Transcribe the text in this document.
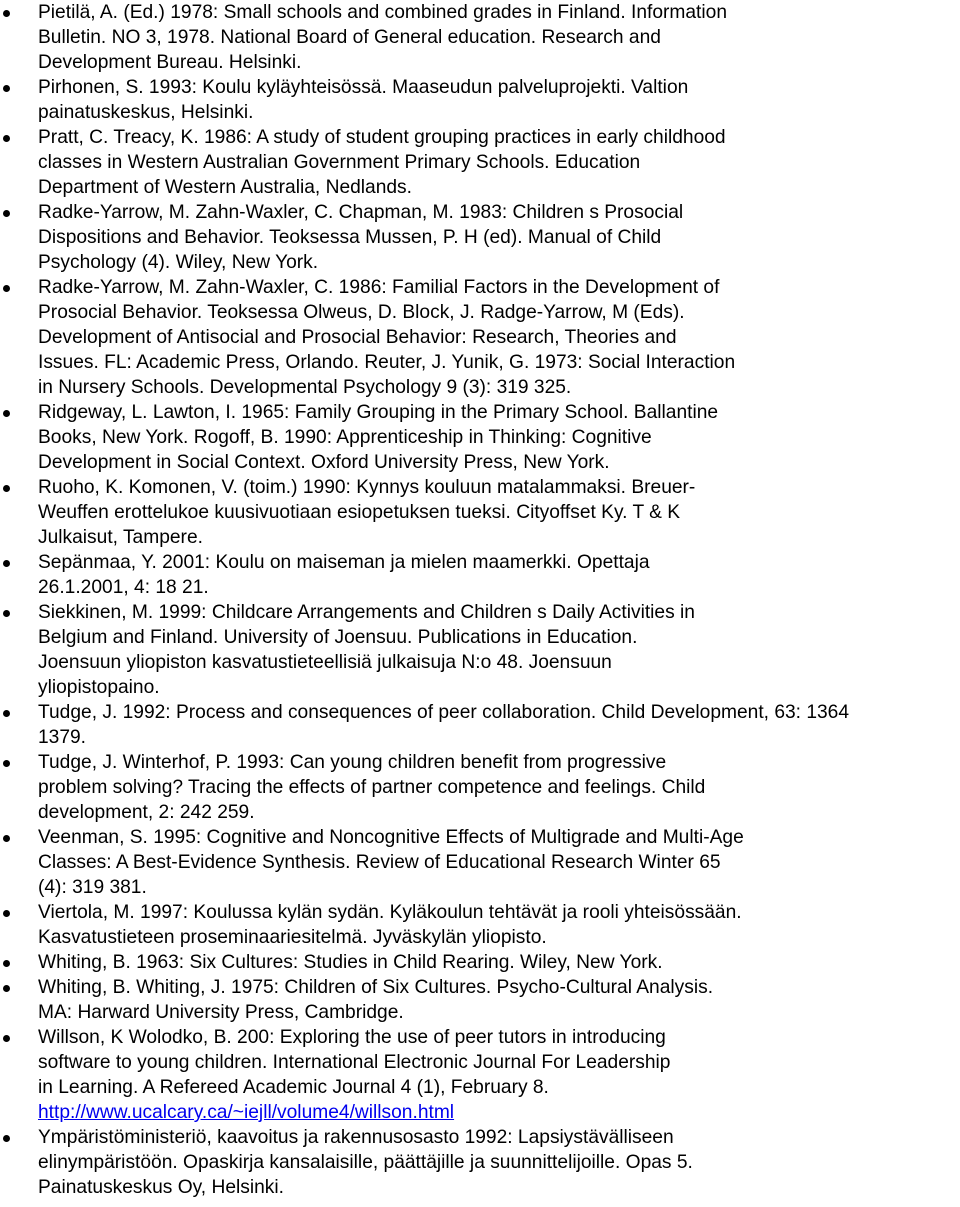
Pietilä, A. (Ed.) 1978: Small schools and combined grades in Finland. Information
Bulletin. NO 3, 1978. National Board of General education. Research and
Development Bureau. Helsinki.
Pirhonen, S. 1993: Koulu kyläyhteisössä. Maaseudun palveluprojekti. Valtion
painatuskeskus, Helsinki.
Pratt, C. Treacy, K. 1986: A study of student grouping practices in early childhood
classes in Western Australian Government Primary Schools. Education
Department of Western Australia, Nedlands.
Radke-Yarrow, M. Zahn-Waxler, C. Chapman, M. 1983: Children s Prosocial
Dispositions and Behavior. Teoksessa Mussen, P. H (ed). Manual of Child
Psychology (4). Wiley, New York.
Radke-Yarrow, M. Zahn-Waxler, C. 1986: Familial Factors in the Development of
Prosocial Behavior. Teoksessa Olweus, D. Block, J. Radge-Yarrow, M (Eds).
Development of Antisocial and Prosocial Behavior: Research, Theories and
Issues. FL: Academic Press, Orlando. Reuter, J. Yunik, G. 1973: Social Interaction
in Nursery Schools. Developmental Psychology 9 (3): 319 325.
Ridgeway, L. Lawton, I. 1965: Family Grouping in the Primary School. Ballantine
Books, New York. Rogoff, B. 1990: Apprenticeship in Thinking: Cognitive
Development in Social Context. Oxford University Press, New York.
Ruoho, K. Komonen, V. (toim.) 1990: Kynnys kouluun matalammaksi. Breuer-
Weuffen erottelukoe kuusivuotiaan esiopetuksen tueksi. Cityoffset Ky. T & K
Julkaisut, Tampere.
Sepänmaa, Y. 2001: Koulu on maiseman ja mielen maamerkki. Opettaja
26.1.2001, 4: 18 21.
Siekkinen, M. 1999: Childcare Arrangements and Children s Daily Activities in
Belgium and Finland. University of Joensuu. Publications in Education.
Joensuun yliopiston kasvatustieteellisiä julkaisuja N:o 48. Joensuun
yliopistopaino.
Tudge, J. 1992: Process and consequences of peer collaboration. Child Development, 63: 1364
1379.
Tudge, J. Winterhof, P. 1993: Can young children benefit from progressive
problem solving? Tracing the effects of partner competence and feelings. Child
development, 2: 242 259.
Veenman, S. 1995: Cognitive and Noncognitive Effects of Multigrade and Multi-Age
Classes: A Best-Evidence Synthesis. Review of Educational Research Winter 65
(4): 319 381.
Viertola, M. 1997: Koulussa kylän sydän. Kyläkoulun tehtävät ja rooli yhteisössään.
Kasvatustieteen proseminaariesitelmä. Jyväskylän yliopisto.
Whiting, B. 1963: Six Cultures: Studies in Child Rearing. Wiley, New York.
Whiting, B. Whiting, J. 1975: Children of Six Cultures. Psycho-Cultural Analysis.
MA: Harward University Press, Cambridge.
Willson, K Wolodko, B. 200: Exploring the use of peer tutors in introducing
software to young children. International Electronic Journal For Leadership
in Learning. A Refereed Academic Journal 4 (1), February 8.
http://www.ucalcary.ca/~iejll/volume4/willson.html
Ympäristöministeriö, kaavoitus ja rakennusosasto 1992: Lapsiystävälliseen
elinympäristöön. Opaskirja kansalaisille, päättäjille ja suunnittelijoille. Opas 5.
Painatuskeskus Oy, Helsinki.
